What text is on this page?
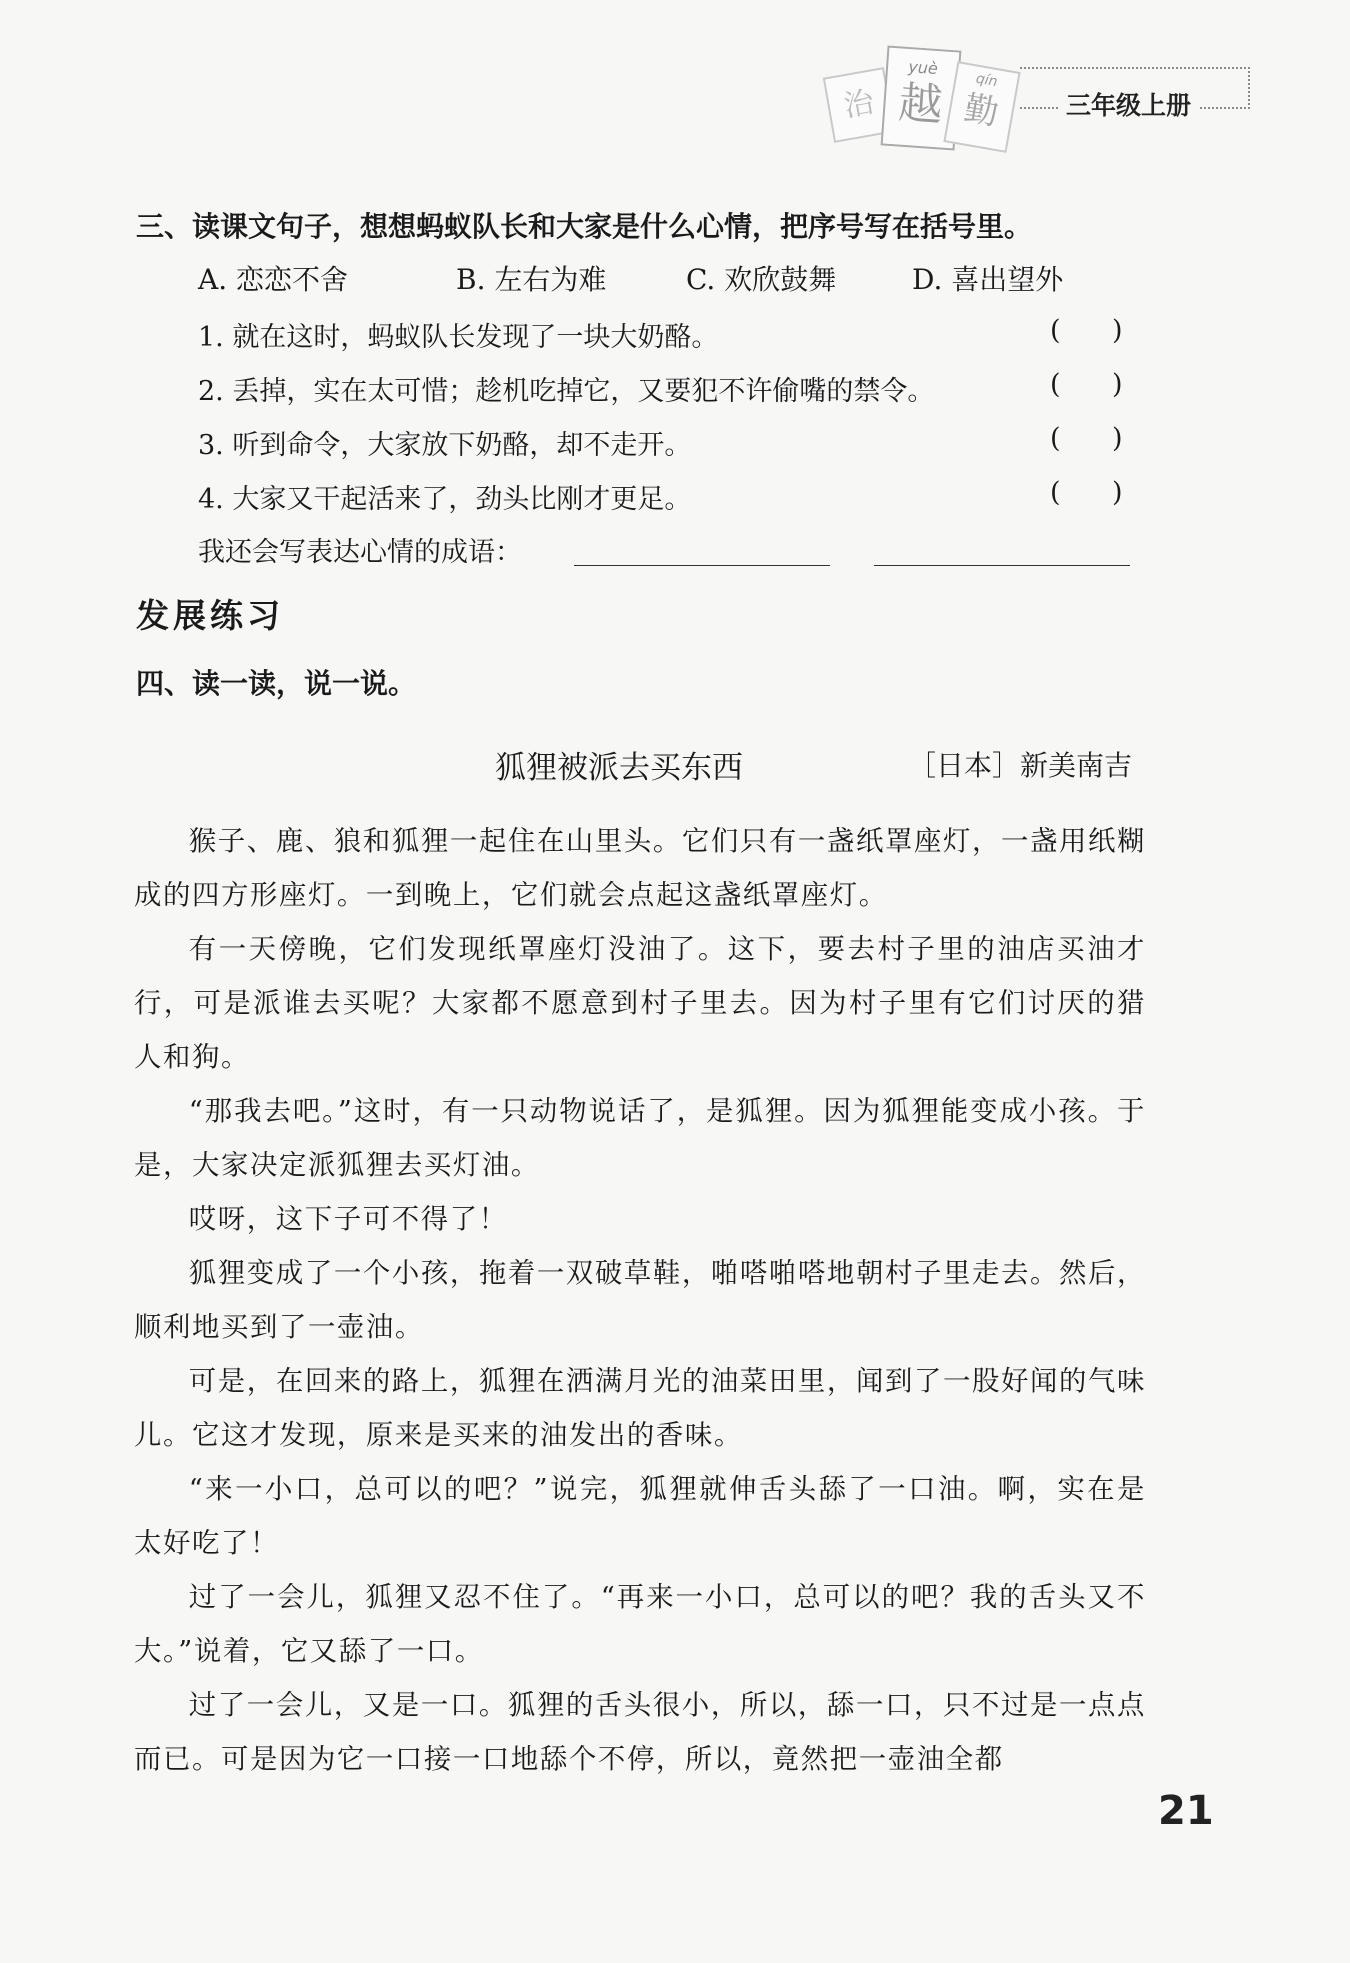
治
yuè
越	qín
勤	三年级上册
三、读课文句子，想想蚂蚁队长和大家是什么心情，把序号写在括号里。
A. 恋恋不舍	B. 左右为难	C. 欢欣鼓舞	D. 喜出望外
1. 就在这时，蚂蚁队长发现了一块大奶酪。	(      )
2. 丢掉，实在太可惜；趁机吃掉它，又要犯不许偷嘴的禁令。	(      )
3. 听到命令，大家放下奶酪，却不走开。	(      )
4. 大家又干起活来了，劲头比刚才更足。	(      )
我还会写表达心情的成语：
发展练习
四、读一读，说一说。
狐狸被派去买东西	［日本］新美南吉
猴子、鹿、狼和狐狸一起住在山里头。它们只有一盏纸罩座灯，一盏用纸糊成的四方形座灯。一到晚上，它们就会点起这盏纸罩座灯。
有一天傍晚，它们发现纸罩座灯没油了。这下，要去村子里的油店买油才行，可是派谁去买呢？大家都不愿意到村子里去。因为村子里有它们讨厌的猎人和狗。
“那我去吧。”这时，有一只动物说话了，是狐狸。因为狐狸能变成小孩。于是，大家决定派狐狸去买灯油。
哎呀，这下子可不得了！
狐狸变成了一个小孩，拖着一双破草鞋，啪嗒啪嗒地朝村子里走去。然后，顺利地买到了一壶油。
可是，在回来的路上，狐狸在洒满月光的油菜田里，闻到了一股好闻的气味儿。它这才发现，原来是买来的油发出的香味。
“来一小口，总可以的吧？”说完，狐狸就伸舌头舔了一口油。啊，实在是太好吃了！
过了一会儿，狐狸又忍不住了。“再来一小口，总可以的吧？我的舌头又不大。”说着，它又舔了一口。
过了一会儿，又是一口。狐狸的舌头很小，所以，舔一口，只不过是一点点而已。可是因为它一口接一口地舔个不停，所以，竟然把一壶油全都
21
